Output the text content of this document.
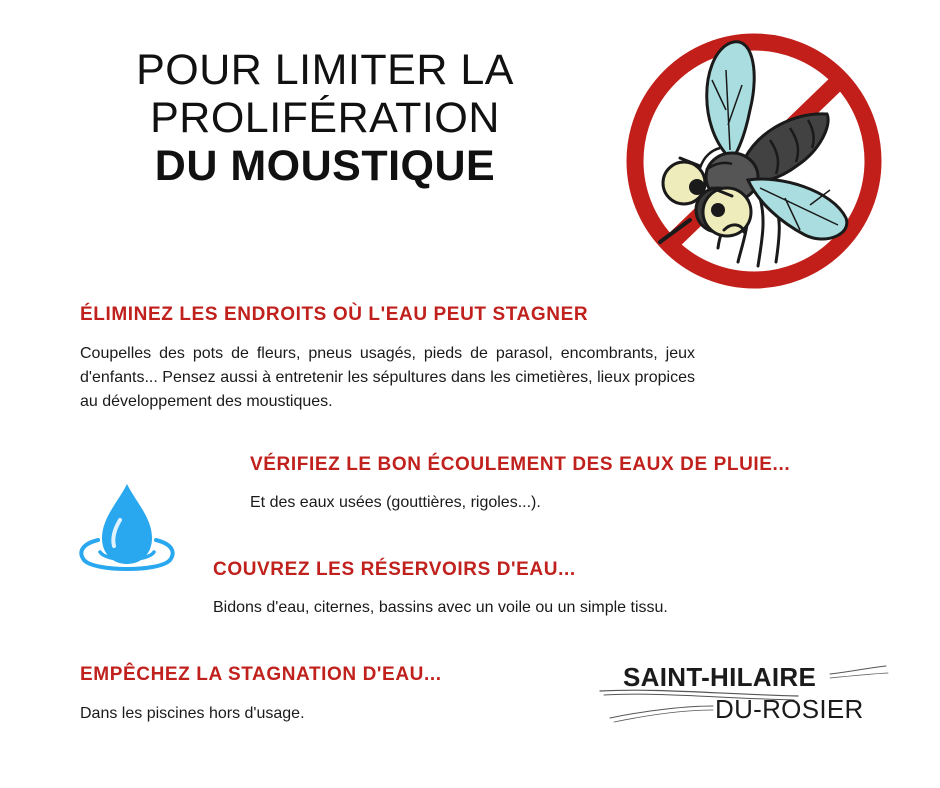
POUR LIMITER LA
PROLIFÉRATION
DU MOUSTIQUE
ÉLIMINEZ LES ENDROITS OÙ L'EAU PEUT STAGNER
Coupelles des pots de fleurs, pneus usagés, pieds de parasol, encombrants, jeux d'enfants... Pensez aussi à entretenir les sépultures dans les cimetières, lieux propices au développement des moustiques.
VÉRIFIEZ LE BON ÉCOULEMENT DES EAUX DE PLUIE...
Et des eaux usées (gouttières, rigoles...).
COUVREZ LES RÉSERVOIRS D'EAU...
Bidons d'eau, citernes, bassins avec un voile ou un simple tissu.
EMPÊCHEZ LA STAGNATION D'EAU...
Dans les piscines hors d'usage.
SAINT-HILAIRE
DU-ROSIER
